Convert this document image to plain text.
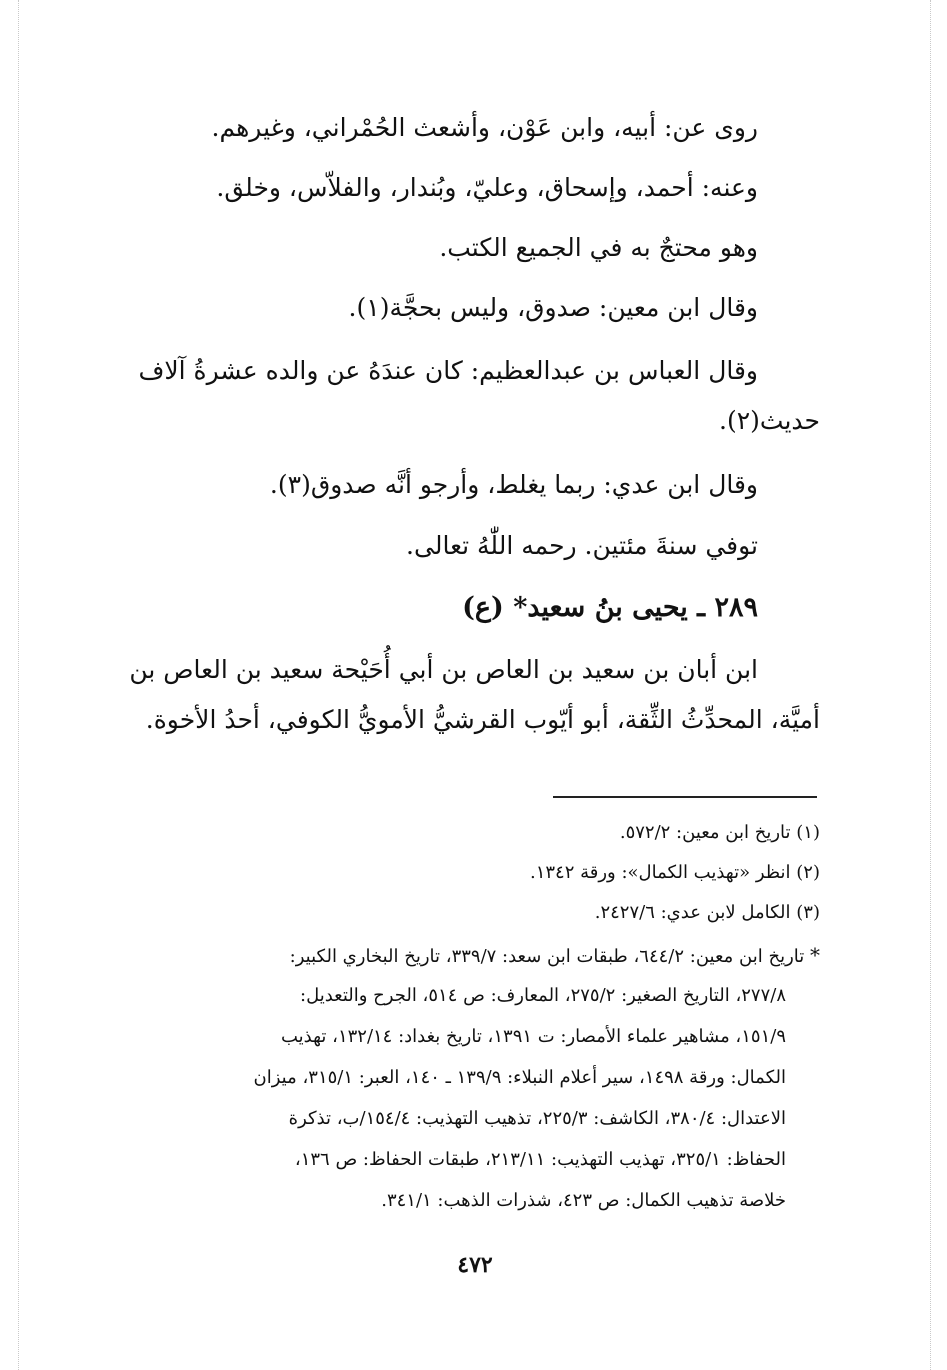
روى عن: أبيه، وابن عَوْن، وأشعث الحُمْراني، وغيرهم.
وعنه: أحمد، وإسحاق، وعليّ، وبُندار، والفلاّس، وخلق.
وهو محتجٌ به في الجميع الكتب.
وقال ابن معين: صدوق، وليس بحجَّة(١).
وقال العباس بن عبدالعظيم: كان عندَهُ عن والده عشرةُ آلاف
حديث(٢).
وقال ابن عدي: ربما يغلط، وأرجو أنَّه صدوق(٣).
توفي سنةَ مئتين. رحمه اللّٰهُ تعالى.
٢٨٩ ـ يحيى بنُ سعيد* (ع)
ابن أبان بن سعيد بن العاص بن أبي أُحَيْحة سعيد بن العاص بن
أميَّة، المحدِّثُ الثِّقة، أبو أيّوب القرشيُّ الأمويُّ الكوفي، أحدُ الأخوة.
(١) تاريخ ابن معين: ٥٧٢/٢.
(٢) انظر «تهذيب الكمال»: ورقة ١٣٤٢.
(٣) الكامل لابن عدي: ٢٤٢٧/٦.
* تاريخ ابن معين: ٦٤٤/٢، طبقات ابن سعد: ٣٣٩/٧، تاريخ البخاري الكبير:
٢٧٧/٨، التاريخ الصغير: ٢٧٥/٢، المعارف: ص ٥١٤، الجرح والتعديل:
١٥١/٩، مشاهير علماء الأمصار: ت ١٣٩١، تاريخ بغداد: ١٣٢/١٤، تهذيب
الكمال: ورقة ١٤٩٨، سير أعلام النبلاء: ١٣٩/٩ ـ ١٤٠، العبر: ٣١٥/١، ميزان
الاعتدال: ٣٨٠/٤، الكاشف: ٢٢٥/٣، تذهيب التهذيب: ١٥٤/٤/ب، تذكرة
الحفاظ: ٣٢٥/١، تهذيب التهذيب: ٢١٣/١١، طبقات الحفاظ: ص ١٣٦،
خلاصة تذهيب الكمال: ص ٤٢٣، شذرات الذهب: ٣٤١/١.
٤٧٢
